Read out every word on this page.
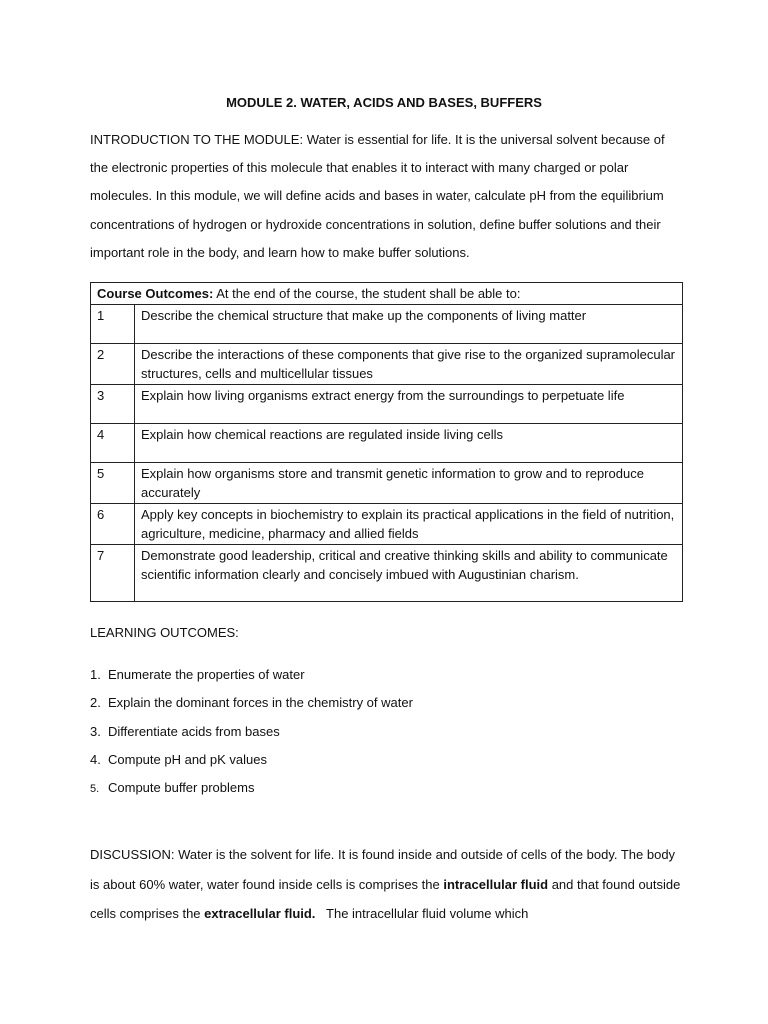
MODULE 2. WATER, ACIDS AND BASES, BUFFERS

INTRODUCTION TO THE MODULE: Water is essential for life. It is the universal solvent because of the electronic properties of this molecule that enables it to interact with many charged or polar molecules. In this module, we will define acids and bases in water, calculate pH from the equilibrium concentrations of hydrogen or hydroxide concentrations in solution, define buffer solutions and their important role in the body, and learn how to make buffer solutions.

Course Outcomes: At the end of the course, the student shall be able to:	
1	Describe the chemical structure that make up the components of living matter
2	Describe the interactions of these components that give rise to the organized supramolecular structures, cells and multicellular tissues
3	Explain how living organisms extract energy from the surroundings to perpetuate life
4	Explain how chemical reactions are regulated inside living cells
5	Explain how organisms store and transmit genetic information to grow and to reproduce accurately
6	Apply key concepts in biochemistry to explain its practical applications in the field of nutrition, agriculture, medicine, pharmacy and allied fields
7	Demonstrate good leadership, critical and creative thinking skills and ability to communicate scientific information clearly and concisely imbued with Augustinian charism.
LEARNING OUTCOMES:
1. Enumerate the properties of water
2. Explain the dominant forces in the chemistry of water
3. Differentiate acids from bases
4. Compute pH and pK values
5. Compute buffer problems

DISCUSSION: Water is the solvent for life. It is found inside and outside of cells of the body. The body is about 60% water, water found inside cells is comprises the intracellular fluid and that found outside cells comprises the extracellular fluid.   The intracellular fluid volume which
